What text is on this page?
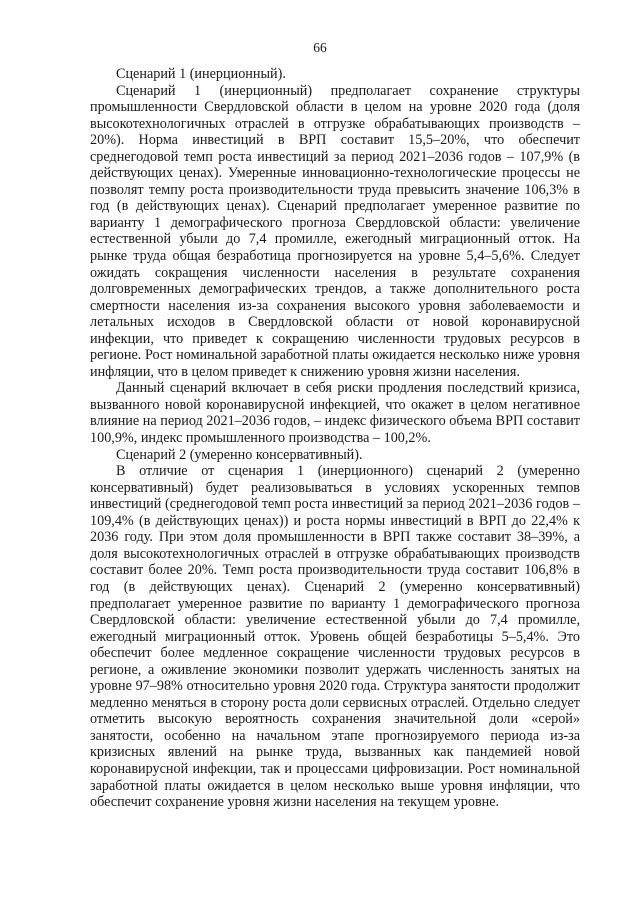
66

Сценарий 1 (инерционный).

Сценарий 1 (инерционный) предполагает сохранение структуры промышленности Свердловской области в целом на уровне 2020 года (доля высокотехнологичных отраслей в отгрузке обрабатывающих производств – 20%). Норма инвестиций в ВРП составит 15,5–20%, что обеспечит среднегодовой темп роста инвестиций за период 2021–2036 годов – 107,9% (в действующих ценах). Умеренные инновационно-технологические процессы не позволят темпу роста производительности труда превысить значение 106,3% в год (в действующих ценах). Сценарий предполагает умеренное развитие по варианту 1 демографического прогноза Свердловской области: увеличение естественной убыли до 7,4 промилле, ежегодный миграционный отток. На рынке труда общая безработица прогнозируется на уровне 5,4–5,6%. Следует ожидать сокращения численности населения в результате сохранения долговременных демографических трендов, а также дополнительного роста смертности населения из-за сохранения высокого уровня заболеваемости и летальных исходов в Свердловской области от новой коронавирусной инфекции, что приведет к сокращению численности трудовых ресурсов в регионе. Рост номинальной заработной платы ожидается несколько ниже уровня инфляции, что в целом приведет к снижению уровня жизни населения.

Данный сценарий включает в себя риски продления последствий кризиса, вызванного новой коронавирусной инфекцией, что окажет в целом негативное влияние на период 2021–2036 годов, – индекс физического объема ВРП составит 100,9%, индекс промышленного производства – 100,2%.

Сценарий 2 (умеренно консервативный).

В отличие от сценария 1 (инерционного) сценарий 2 (умеренно консервативный) будет реализовываться в условиях ускоренных темпов инвестиций (среднегодовой темп роста инвестиций за период 2021–2036 годов – 109,4% (в действующих ценах)) и роста нормы инвестиций в ВРП до 22,4% к 2036 году. При этом доля промышленности в ВРП также составит 38–39%, а доля высокотехнологичных отраслей в отгрузке обрабатывающих производств составит более 20%. Темп роста производительности труда составит 106,8% в год (в действующих ценах). Сценарий 2 (умеренно консервативный) предполагает умеренное развитие по варианту 1 демографического прогноза Свердловской области: увеличение естественной убыли до 7,4 промилле, ежегодный миграционный отток. Уровень общей безработицы 5–5,4%. Это обеспечит более медленное сокращение численности трудовых ресурсов в регионе, а оживление экономики позволит удержать численность занятых на уровне 97–98% относительно уровня 2020 года. Структура занятости продолжит медленно меняться в сторону роста доли сервисных отраслей. Отдельно следует отметить высокую вероятность сохранения значительной доли «серой» занятости, особенно на начальном этапе прогнозируемого периода из-за кризисных явлений на рынке труда, вызванных как пандемией новой коронавирусной инфекции, так и процессами цифровизации. Рост номинальной заработной платы ожидается в целом несколько выше уровня инфляции, что обеспечит сохранение уровня жизни населения на текущем уровне.
